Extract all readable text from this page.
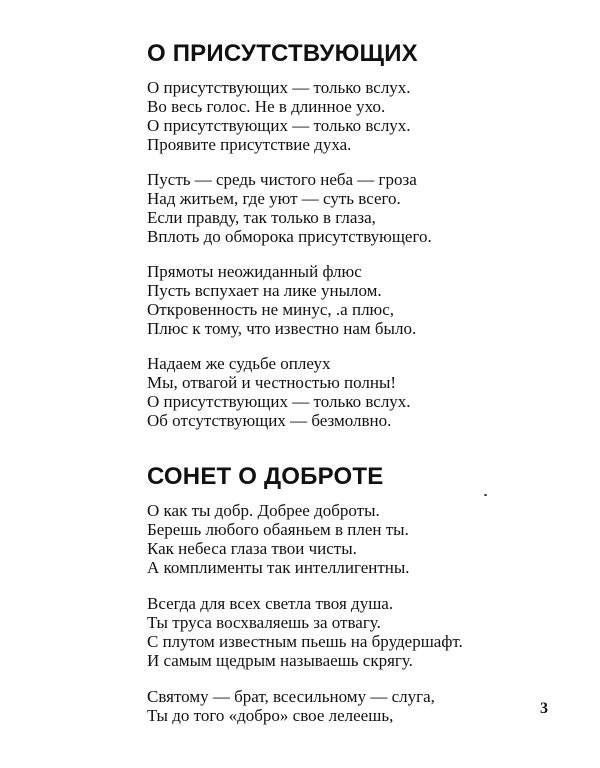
О ПРИСУТСТВУЮЩИХ
О присутствующих — только вслух.
Во весь голос. Не в длинное ухо.
О присутствующих — только вслух.
Проявите присутствие духа.
Пусть — средь чистого неба — гроза
Над житьем, где уют — суть всего.
Если правду, так только в глаза,
Вплоть до обморока присутствующего.
Прямоты неожиданный флюс
Пусть вспухает на лике унылом.
Откровенность не минус, .а плюс,
Плюс к тому, что известно нам было.
Надаем же судьбе оплеух
Мы, отвагой и честностью полны!
О присутствующих — только вслух.
Об отсутствующих — безмолвно.
СОНЕТ О ДОБРОТЕ
О как ты добр. Добрее доброты.
Берешь любого обаяньем в плен ты.
Как небеса глаза твои чисты.
А комплименты так интеллигентны.
Всегда для всех светла твоя душа.
Ты труса восхваляешь за отвагу.
С плутом известным пьешь на брудершафт.
И самым щедрым называешь скрягу.
Святому — брат, всесильному — слуга,
Ты до того «добро» свое лелеешь,	3
